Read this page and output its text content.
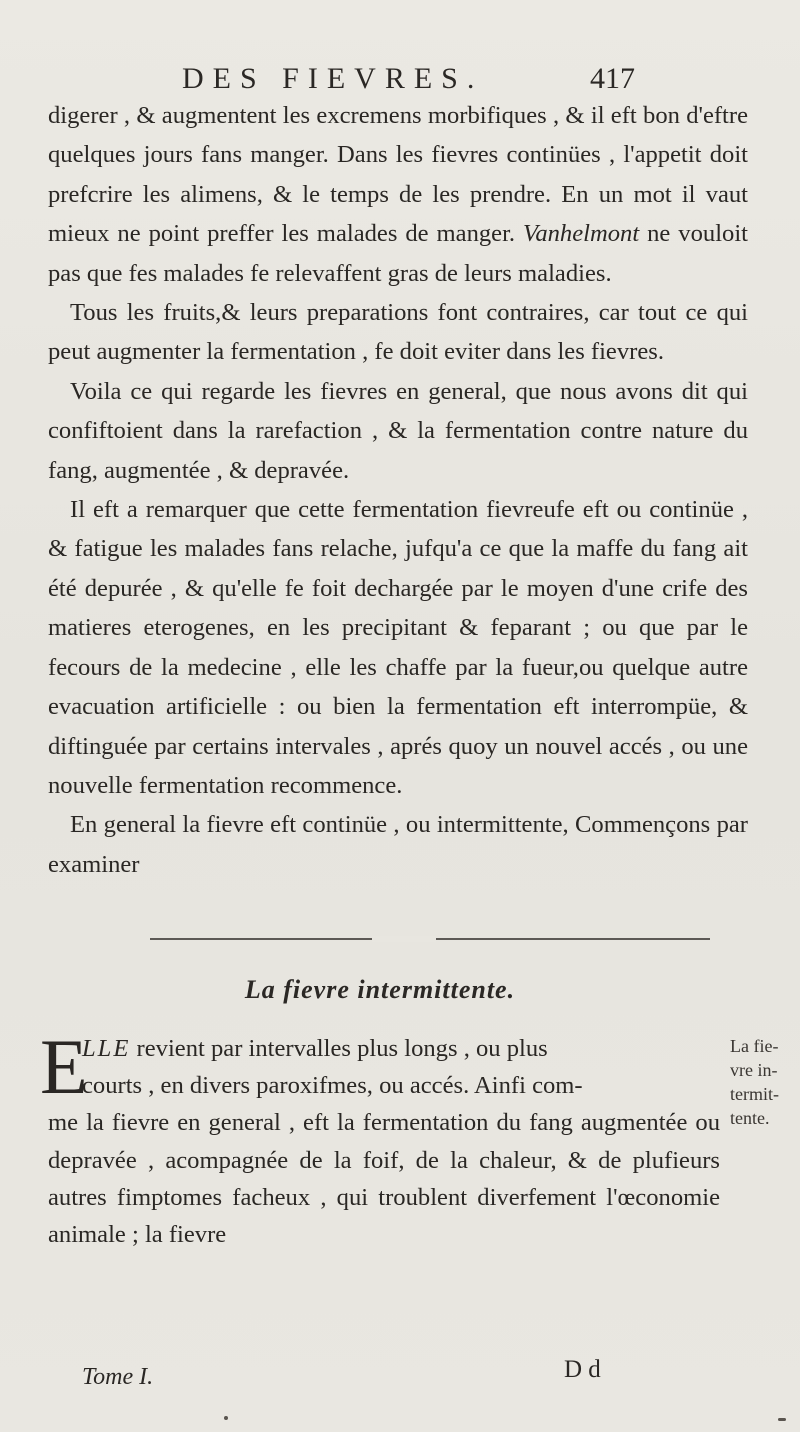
DES FIEVRES.	417

digerer , & augmentent les excremens morbifiques , & il eft bon d'eftre quelques jours fans manger. Dans les fievres continües , l'appetit doit prefcrire les alimens, & le temps de les prendre. En un mot il vaut mieux ne point preffer les malades de manger. Vanhelmont ne vouloit pas que fes malades fe relevaffent gras de leurs maladies.

Tous les fruits,& leurs preparations font contraires, car tout ce qui peut augmenter la fermentation , fe doit eviter dans les fievres.

Voila ce qui regarde les fievres en general, que nous avons dit qui confiftoient dans la rarefaction , & la fermentation contre nature du fang, augmentée , & depravée.

Il eft a remarquer que cette fermentation fievreufe eft ou continüe , & fatigue les malades fans relache, jufqu'a ce que la maffe du fang ait été depurée , & qu'elle fe foit dechargée par le moyen d'une crife des matieres eterogenes, en les precipitant & feparant ; ou que par le fecours de la medecine , elle les chaffe par la fueur,ou quelque autre evacuation artificielle : ou bien la fermentation eft interrompüe, & diftinguée par certains intervales , aprés quoy un nouvel accés , ou une nouvelle fermentation recommence.

En general la fievre eft continüe , ou intermittente, Commençons par examiner

La fievre intermittente.
E

LLE revient par intervalles plus longs , ou plus

courts , en divers paroxifmes, ou accés. Ainfi com-

me la fievre en general , eft la fermentation du fang augmentée ou depravée , acompagnée de la foif, de la chaleur, & de plufieurs autres fimptomes facheux , qui troublent diverfement l'œconomie animale ; la fievre

La fie-vre in-termit-tente.
Tome I.	D d
